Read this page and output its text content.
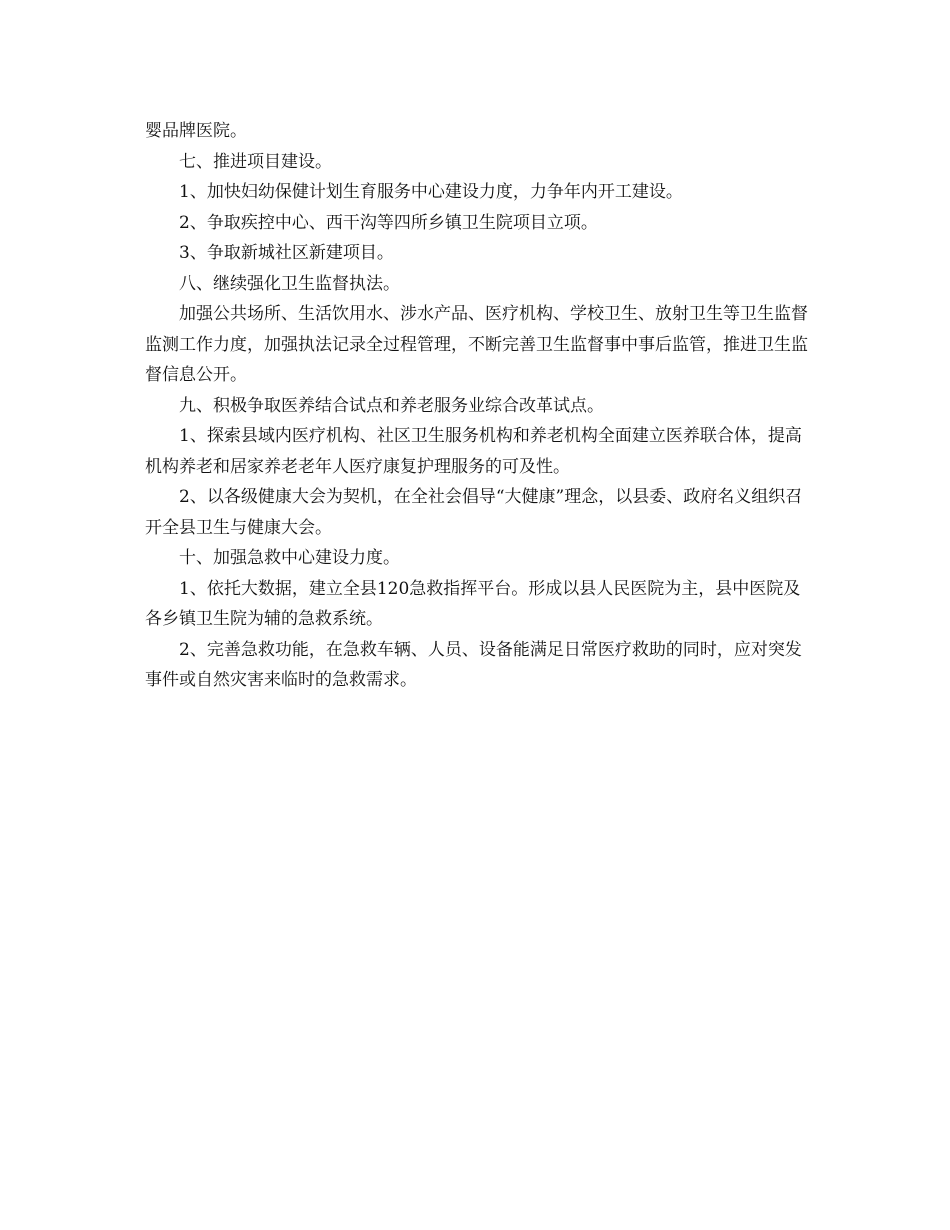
婴品牌医院。

七、推进项目建设。

1、加快妇幼保健计划生育服务中心建设力度，力争年内开工建设。

2、争取疾控中心、西干沟等四所乡镇卫生院项目立项。

3、争取新城社区新建项目。

八、继续强化卫生监督执法。

加强公共场所、生活饮用水、涉水产品、医疗机构、学校卫生、放射卫生等卫生监督监测工作力度，加强执法记录全过程管理，不断完善卫生监督事中事后监管，推进卫生监督信息公开。

九、积极争取医养结合试点和养老服务业综合改革试点。

1、探索县域内医疗机构、社区卫生服务机构和养老机构全面建立医养联合体，提高机构养老和居家养老老年人医疗康复护理服务的可及性。

2、以各级健康大会为契机，在全社会倡导“大健康”理念，以县委、政府名义组织召开全县卫生与健康大会。

十、加强急救中心建设力度。

1、依托大数据，建立全县120急救指挥平台。形成以县人民医院为主，县中医院及各乡镇卫生院为辅的急救系统。

2、完善急救功能，在急救车辆、人员、设备能满足日常医疗救助的同时，应对突发事件或自然灾害来临时的急救需求。
